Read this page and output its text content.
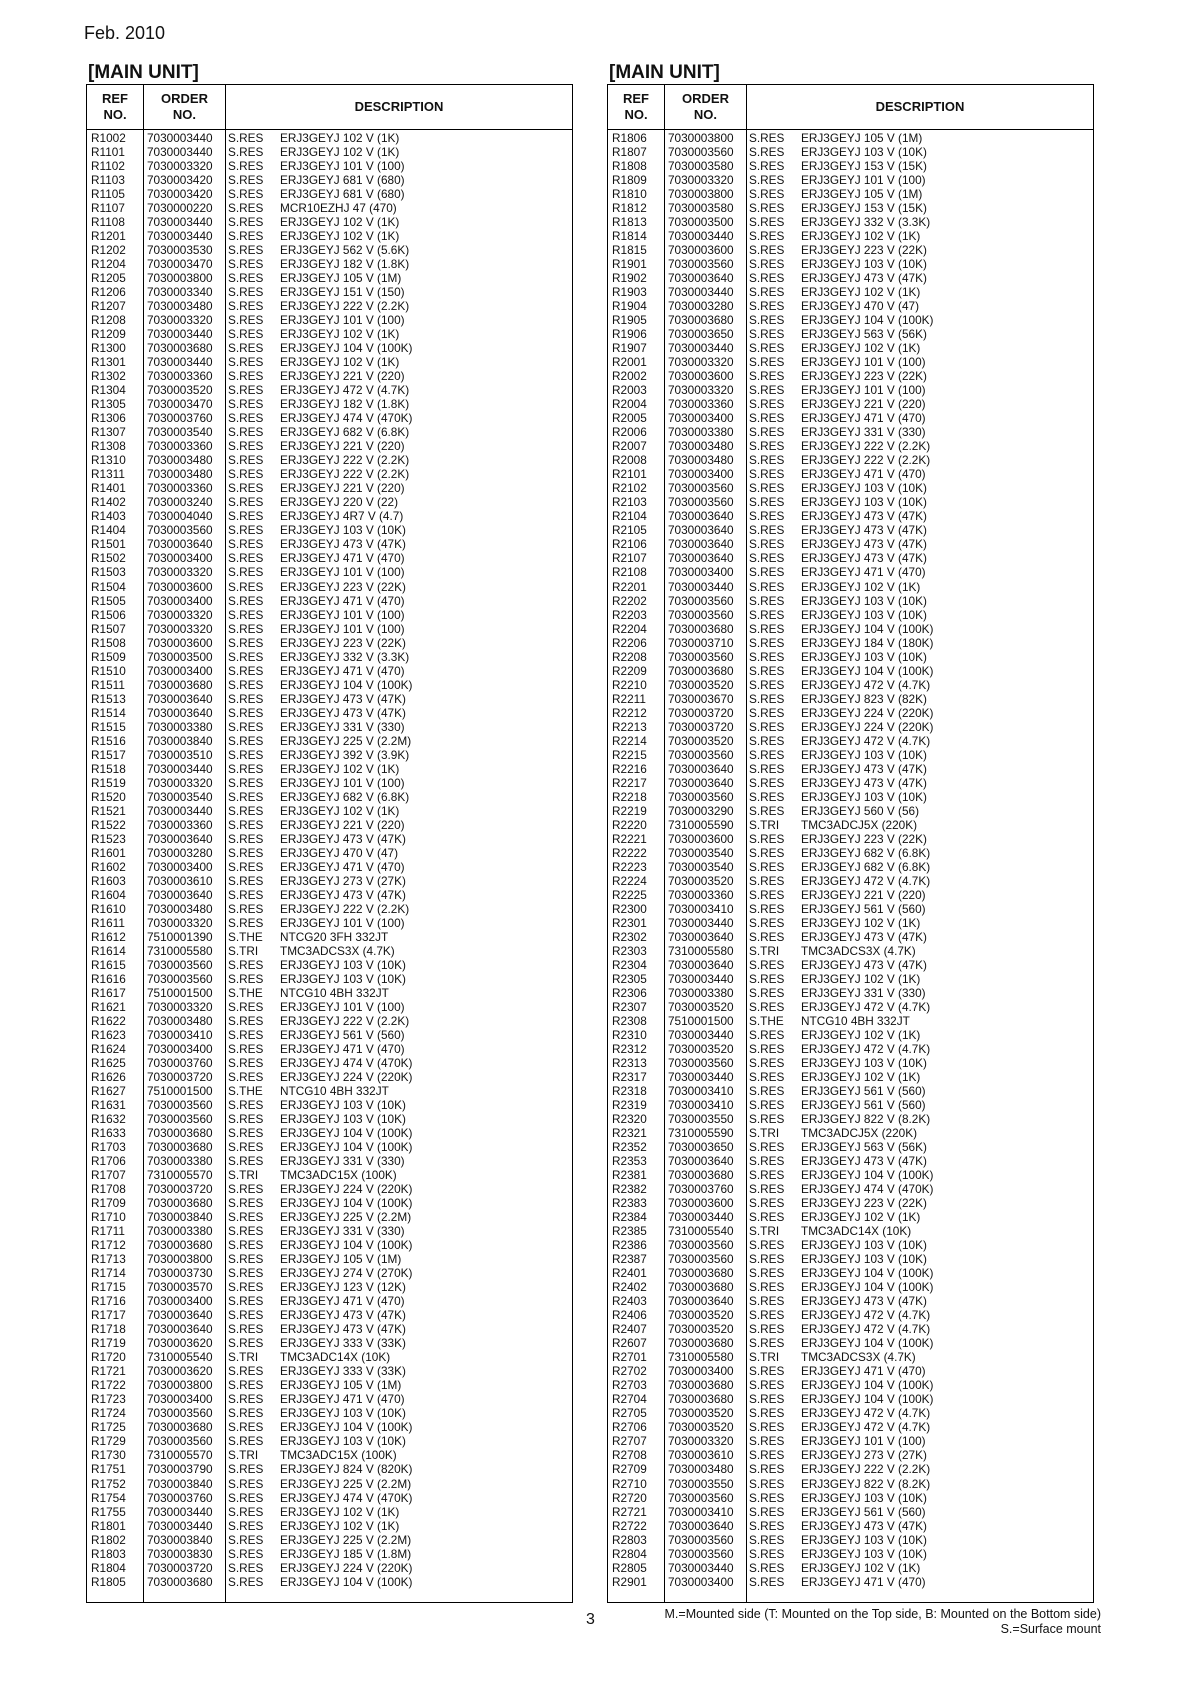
Feb. 2010
[MAIN UNIT]	[MAIN UNIT]
REF
NO.
ORDER
NO.
DESCRIPTION
R1002 7030003440 S.RES ERJ3GEYJ 102 V (1K)
R1101 7030003440 S.RES ERJ3GEYJ 102 V (1K)
R1102 7030003320 S.RES ERJ3GEYJ 101 V (100)
R1103 7030003420 S.RES ERJ3GEYJ 681 V (680)
R1105 7030003420 S.RES ERJ3GEYJ 681 V (680)
R1107 7030000220 S.RES MCR10EZHJ 47 (470)
R1108 7030003440 S.RES ERJ3GEYJ 102 V (1K)
R1201 7030003440 S.RES ERJ3GEYJ 102 V (1K)
R1202 7030003530 S.RES ERJ3GEYJ 562 V (5.6K)
R1204 7030003470 S.RES ERJ3GEYJ 182 V (1.8K)
R1205 7030003800 S.RES ERJ3GEYJ 105 V (1M)
R1206 7030003340 S.RES ERJ3GEYJ 151 V (150)
R1207 7030003480 S.RES ERJ3GEYJ 222 V (2.2K)
R1208 7030003320 S.RES ERJ3GEYJ 101 V (100)
R1209 7030003440 S.RES ERJ3GEYJ 102 V (1K)
R1300 7030003680 S.RES ERJ3GEYJ 104 V (100K)
R1301 7030003440 S.RES ERJ3GEYJ 102 V (1K)
R1302 7030003360 S.RES ERJ3GEYJ 221 V (220)
R1304 7030003520 S.RES ERJ3GEYJ 472 V (4.7K)
R1305 7030003470 S.RES ERJ3GEYJ 182 V (1.8K)
R1306 7030003760 S.RES ERJ3GEYJ 474 V (470K)
R1307 7030003540 S.RES ERJ3GEYJ 682 V (6.8K)
R1308 7030003360 S.RES ERJ3GEYJ 221 V (220)
R1310 7030003480 S.RES ERJ3GEYJ 222 V (2.2K)
R1311 7030003480 S.RES ERJ3GEYJ 222 V (2.2K)
R1401 7030003360 S.RES ERJ3GEYJ 221 V (220)
R1402 7030003240 S.RES ERJ3GEYJ 220 V (22)
R1403 7030004040 S.RES ERJ3GEYJ 4R7 V (4.7)
R1404 7030003560 S.RES ERJ3GEYJ 103 V (10K)
R1501 7030003640 S.RES ERJ3GEYJ 473 V (47K)
R1502 7030003400 S.RES ERJ3GEYJ 471 V (470)
R1503 7030003320 S.RES ERJ3GEYJ 101 V (100)
R1504 7030003600 S.RES ERJ3GEYJ 223 V (22K)
R1505 7030003400 S.RES ERJ3GEYJ 471 V (470)
R1506 7030003320 S.RES ERJ3GEYJ 101 V (100)
R1507 7030003320 S.RES ERJ3GEYJ 101 V (100)
R1508 7030003600 S.RES ERJ3GEYJ 223 V (22K)
R1509 7030003500 S.RES ERJ3GEYJ 332 V (3.3K)
R1510 7030003400 S.RES ERJ3GEYJ 471 V (470)
R1511 7030003680 S.RES ERJ3GEYJ 104 V (100K)
R1513 7030003640 S.RES ERJ3GEYJ 473 V (47K)
R1514 7030003640 S.RES ERJ3GEYJ 473 V (47K)
R1515 7030003380 S.RES ERJ3GEYJ 331 V (330)
R1516 7030003840 S.RES ERJ3GEYJ 225 V (2.2M)
R1517 7030003510 S.RES ERJ3GEYJ 392 V (3.9K)
R1518 7030003440 S.RES ERJ3GEYJ 102 V (1K)
R1519 7030003320 S.RES ERJ3GEYJ 101 V (100)
R1520 7030003540 S.RES ERJ3GEYJ 682 V (6.8K)
R1521 7030003440 S.RES ERJ3GEYJ 102 V (1K)
R1522 7030003360 S.RES ERJ3GEYJ 221 V (220)
R1523 7030003640 S.RES ERJ3GEYJ 473 V (47K)
R1601 7030003280 S.RES ERJ3GEYJ 470 V (47)
R1602 7030003400 S.RES ERJ3GEYJ 471 V (470)
R1603 7030003610 S.RES ERJ3GEYJ 273 V (27K)
R1604 7030003640 S.RES ERJ3GEYJ 473 V (47K)
R1610 7030003480 S.RES ERJ3GEYJ 222 V (2.2K)
R1611 7030003320 S.RES ERJ3GEYJ 101 V (100)
R1612 7510001390 S.THE NTCG20 3FH 332JT
R1614 7310005580 S.TRI TMC3ADCS3X (4.7K)
R1615 7030003560 S.RES ERJ3GEYJ 103 V (10K)
R1616 7030003560 S.RES ERJ3GEYJ 103 V (10K)
R1617 7510001500 S.THE NTCG10 4BH 332JT
R1621 7030003320 S.RES ERJ3GEYJ 101 V (100)
R1622 7030003480 S.RES ERJ3GEYJ 222 V (2.2K)
R1623 7030003410 S.RES ERJ3GEYJ 561 V (560)
R1624 7030003400 S.RES ERJ3GEYJ 471 V (470)
R1625 7030003760 S.RES ERJ3GEYJ 474 V (470K)
R1626 7030003720 S.RES ERJ3GEYJ 224 V (220K)
R1627 7510001500 S.THE NTCG10 4BH 332JT
R1631 7030003560 S.RES ERJ3GEYJ 103 V (10K)
R1632 7030003560 S.RES ERJ3GEYJ 103 V (10K)
R1633 7030003680 S.RES ERJ3GEYJ 104 V (100K)
R1703 7030003680 S.RES ERJ3GEYJ 104 V (100K)
R1706 7030003380 S.RES ERJ3GEYJ 331 V (330)
R1707 7310005570 S.TRI TMC3ADC15X (100K)
R1708 7030003720 S.RES ERJ3GEYJ 224 V (220K)
R1709 7030003680 S.RES ERJ3GEYJ 104 V (100K)
R1710 7030003840 S.RES ERJ3GEYJ 225 V (2.2M)
R1711 7030003380 S.RES ERJ3GEYJ 331 V (330)
R1712 7030003680 S.RES ERJ3GEYJ 104 V (100K)
R1713 7030003800 S.RES ERJ3GEYJ 105 V (1M)
R1714 7030003730 S.RES ERJ3GEYJ 274 V (270K)
R1715 7030003570 S.RES ERJ3GEYJ 123 V (12K)
R1716 7030003400 S.RES ERJ3GEYJ 471 V (470)
R1717 7030003640 S.RES ERJ3GEYJ 473 V (47K)
R1718 7030003640 S.RES ERJ3GEYJ 473 V (47K)
R1719 7030003620 S.RES ERJ3GEYJ 333 V (33K)
R1720 7310005540 S.TRI TMC3ADC14X (10K)
R1721 7030003620 S.RES ERJ3GEYJ 333 V (33K)
R1722 7030003800 S.RES ERJ3GEYJ 105 V (1M)
R1723 7030003400 S.RES ERJ3GEYJ 471 V (470)
R1724 7030003560 S.RES ERJ3GEYJ 103 V (10K)
R1725 7030003680 S.RES ERJ3GEYJ 104 V (100K)
R1729 7030003560 S.RES ERJ3GEYJ 103 V (10K)
R1730 7310005570 S.TRI TMC3ADC15X (100K)
R1751 7030003790 S.RES ERJ3GEYJ 824 V (820K)
R1752 7030003840 S.RES ERJ3GEYJ 225 V (2.2M)
R1754 7030003760 S.RES ERJ3GEYJ 474 V (470K)
R1755 7030003440 S.RES ERJ3GEYJ 102 V (1K)
R1801 7030003440 S.RES ERJ3GEYJ 102 V (1K)
R1802 7030003840 S.RES ERJ3GEYJ 225 V (2.2M)
R1803 7030003830 S.RES ERJ3GEYJ 185 V (1.8M)
R1804 7030003720 S.RES ERJ3GEYJ 224 V (220K)
R1805 7030003680 S.RES ERJ3GEYJ 104 V (100K)
REF
NO.
ORDER
NO.
DESCRIPTION
R1806 7030003800 S.RES ERJ3GEYJ 105 V (1M)
R1807 7030003560 S.RES ERJ3GEYJ 103 V (10K)
R1808 7030003580 S.RES ERJ3GEYJ 153 V (15K)
R1809 7030003320 S.RES ERJ3GEYJ 101 V (100)
R1810 7030003800 S.RES ERJ3GEYJ 105 V (1M)
R1812 7030003580 S.RES ERJ3GEYJ 153 V (15K)
R1813 7030003500 S.RES ERJ3GEYJ 332 V (3.3K)
R1814 7030003440 S.RES ERJ3GEYJ 102 V (1K)
R1815 7030003600 S.RES ERJ3GEYJ 223 V (22K)
R1901 7030003560 S.RES ERJ3GEYJ 103 V (10K)
R1902 7030003640 S.RES ERJ3GEYJ 473 V (47K)
R1903 7030003440 S.RES ERJ3GEYJ 102 V (1K)
R1904 7030003280 S.RES ERJ3GEYJ 470 V (47)
R1905 7030003680 S.RES ERJ3GEYJ 104 V (100K)
R1906 7030003650 S.RES ERJ3GEYJ 563 V (56K)
R1907 7030003440 S.RES ERJ3GEYJ 102 V (1K)
R2001 7030003320 S.RES ERJ3GEYJ 101 V (100)
R2002 7030003600 S.RES ERJ3GEYJ 223 V (22K)
R2003 7030003320 S.RES ERJ3GEYJ 101 V (100)
R2004 7030003360 S.RES ERJ3GEYJ 221 V (220)
R2005 7030003400 S.RES ERJ3GEYJ 471 V (470)
R2006 7030003380 S.RES ERJ3GEYJ 331 V (330)
R2007 7030003480 S.RES ERJ3GEYJ 222 V (2.2K)
R2008 7030003480 S.RES ERJ3GEYJ 222 V (2.2K)
R2101 7030003400 S.RES ERJ3GEYJ 471 V (470)
R2102 7030003560 S.RES ERJ3GEYJ 103 V (10K)
R2103 7030003560 S.RES ERJ3GEYJ 103 V (10K)
R2104 7030003640 S.RES ERJ3GEYJ 473 V (47K)
R2105 7030003640 S.RES ERJ3GEYJ 473 V (47K)
R2106 7030003640 S.RES ERJ3GEYJ 473 V (47K)
R2107 7030003640 S.RES ERJ3GEYJ 473 V (47K)
R2108 7030003400 S.RES ERJ3GEYJ 471 V (470)
R2201 7030003440 S.RES ERJ3GEYJ 102 V (1K)
R2202 7030003560 S.RES ERJ3GEYJ 103 V (10K)
R2203 7030003560 S.RES ERJ3GEYJ 103 V (10K)
R2204 7030003680 S.RES ERJ3GEYJ 104 V (100K)
R2206 7030003710 S.RES ERJ3GEYJ 184 V (180K)
R2208 7030003560 S.RES ERJ3GEYJ 103 V (10K)
R2209 7030003680 S.RES ERJ3GEYJ 104 V (100K)
R2210 7030003520 S.RES ERJ3GEYJ 472 V (4.7K)
R2211 7030003670 S.RES ERJ3GEYJ 823 V (82K)
R2212 7030003720 S.RES ERJ3GEYJ 224 V (220K)
R2213 7030003720 S.RES ERJ3GEYJ 224 V (220K)
R2214 7030003520 S.RES ERJ3GEYJ 472 V (4.7K)
R2215 7030003560 S.RES ERJ3GEYJ 103 V (10K)
R2216 7030003640 S.RES ERJ3GEYJ 473 V (47K)
R2217 7030003640 S.RES ERJ3GEYJ 473 V (47K)
R2218 7030003560 S.RES ERJ3GEYJ 103 V (10K)
R2219 7030003290 S.RES ERJ3GEYJ 560 V (56)
R2220 7310005590 S.TRI TMC3ADCJ5X (220K)
R2221 7030003600 S.RES ERJ3GEYJ 223 V (22K)
R2222 7030003540 S.RES ERJ3GEYJ 682 V (6.8K)
R2223 7030003540 S.RES ERJ3GEYJ 682 V (6.8K)
R2224 7030003520 S.RES ERJ3GEYJ 472 V (4.7K)
R2225 7030003360 S.RES ERJ3GEYJ 221 V (220)
R2300 7030003410 S.RES ERJ3GEYJ 561 V (560)
R2301 7030003440 S.RES ERJ3GEYJ 102 V (1K)
R2302 7030003640 S.RES ERJ3GEYJ 473 V (47K)
R2303 7310005580 S.TRI TMC3ADCS3X (4.7K)
R2304 7030003640 S.RES ERJ3GEYJ 473 V (47K)
R2305 7030003440 S.RES ERJ3GEYJ 102 V (1K)
R2306 7030003380 S.RES ERJ3GEYJ 331 V (330)
R2307 7030003520 S.RES ERJ3GEYJ 472 V (4.7K)
R2308 7510001500 S.THE NTCG10 4BH 332JT
R2310 7030003440 S.RES ERJ3GEYJ 102 V (1K)
R2312 7030003520 S.RES ERJ3GEYJ 472 V (4.7K)
R2313 7030003560 S.RES ERJ3GEYJ 103 V (10K)
R2317 7030003440 S.RES ERJ3GEYJ 102 V (1K)
R2318 7030003410 S.RES ERJ3GEYJ 561 V (560)
R2319 7030003410 S.RES ERJ3GEYJ 561 V (560)
R2320 7030003550 S.RES ERJ3GEYJ 822 V (8.2K)
R2321 7310005590 S.TRI TMC3ADCJ5X (220K)
R2352 7030003650 S.RES ERJ3GEYJ 563 V (56K)
R2353 7030003640 S.RES ERJ3GEYJ 473 V (47K)
R2381 7030003680 S.RES ERJ3GEYJ 104 V (100K)
R2382 7030003760 S.RES ERJ3GEYJ 474 V (470K)
R2383 7030003600 S.RES ERJ3GEYJ 223 V (22K)
R2384 7030003440 S.RES ERJ3GEYJ 102 V (1K)
R2385 7310005540 S.TRI TMC3ADC14X (10K)
R2386 7030003560 S.RES ERJ3GEYJ 103 V (10K)
R2387 7030003560 S.RES ERJ3GEYJ 103 V (10K)
R2401 7030003680 S.RES ERJ3GEYJ 104 V (100K)
R2402 7030003680 S.RES ERJ3GEYJ 104 V (100K)
R2403 7030003640 S.RES ERJ3GEYJ 473 V (47K)
R2406 7030003520 S.RES ERJ3GEYJ 472 V (4.7K)
R2407 7030003520 S.RES ERJ3GEYJ 472 V (4.7K)
R2607 7030003680 S.RES ERJ3GEYJ 104 V (100K)
R2701 7310005580 S.TRI TMC3ADCS3X (4.7K)
R2702 7030003400 S.RES ERJ3GEYJ 471 V (470)
R2703 7030003680 S.RES ERJ3GEYJ 104 V (100K)
R2704 7030003680 S.RES ERJ3GEYJ 104 V (100K)
R2705 7030003520 S.RES ERJ3GEYJ 472 V (4.7K)
R2706 7030003520 S.RES ERJ3GEYJ 472 V (4.7K)
R2707 7030003320 S.RES ERJ3GEYJ 101 V (100)
R2708 7030003610 S.RES ERJ3GEYJ 273 V (27K)
R2709 7030003480 S.RES ERJ3GEYJ 222 V (2.2K)
R2710 7030003550 S.RES ERJ3GEYJ 822 V (8.2K)
R2720 7030003560 S.RES ERJ3GEYJ 103 V (10K)
R2721 7030003410 S.RES ERJ3GEYJ 561 V (560)
R2722 7030003640 S.RES ERJ3GEYJ 473 V (47K)
R2803 7030003560 S.RES ERJ3GEYJ 103 V (10K)
R2804 7030003560 S.RES ERJ3GEYJ 103 V (10K)
R2805 7030003440 S.RES ERJ3GEYJ 102 V (1K)
R2901 7030003400 S.RES ERJ3GEYJ 471 V (470)
M.=Mounted side (T: Mounted on the Top side, B: Mounted on the Bottom side)
S.=Surface mount
3
